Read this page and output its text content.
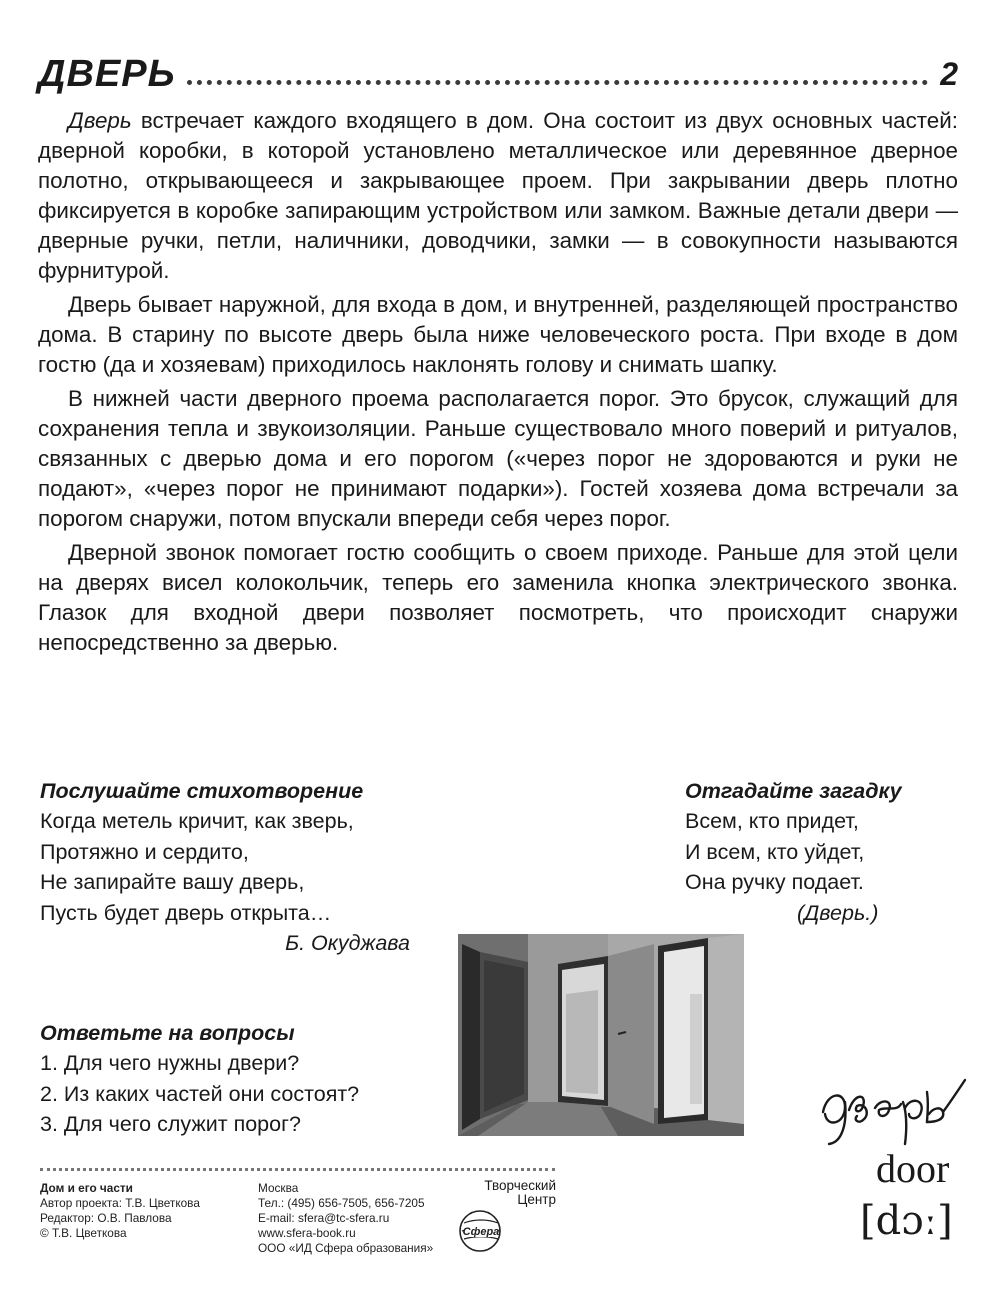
ДВЕРЬ	2

Дверь встречает каждого входящего в дом. Она состоит из двух основных частей: дверной коробки, в которой установлено металлическое или деревянное дверное полотно, открывающееся и закрывающее проем. При закрывании дверь плотно фиксируется в коробке запирающим устройством или замком. Важные детали двери — дверные ручки, петли, наличники, доводчики, замки — в совокупности называются фурнитурой.

Дверь бывает наружной, для входа в дом, и внутренней, разделяющей пространство дома. В старину по высоте дверь была ниже человеческого роста. При входе в дом гостю (да и хозяевам) приходилось наклонять голову и снимать шапку.

В нижней части дверного проема располагается порог. Это брусок, служащий для сохранения тепла и звукоизоляции. Раньше существовало много поверий и ритуалов, связанных с дверью дома и его порогом («через порог не здороваются и руки не подают», «через порог не принимают подарки»). Гостей хозяева дома встречали за порогом снаружи, потом впускали впереди себя через порог.

Дверной звонок помогает гостю сообщить о своем приходе. Раньше для этой цели на дверях висел колокольчик, теперь его заменила кнопка электрического звонка. Глазок для входной двери позволяет посмотреть, что происходит снаружи непосредственно за дверью.

Послушайте стихотворение
Когда метель кричит, как зверь,
Протяжно и сердито,
Не запирайте вашу дверь,
Пусть будет дверь открыта…
Б. Окуджава
Отгадайте загадку
Всем, кто придет,
И всем, кто уйдет,
Она ручку подает.
(Дверь.)
Ответьте на вопросы
1. Для чего нужны двери?
2. Из каких частей они состоят?
3. Для чего служит порог?
door
[dɔː]
Дом и его части
Автор проекта: Т.В. Цветкова
Редактор: О.В. Павлова
© Т.В. Цветкова
Москва
Тел.: (495) 656-7505, 656-7205
E-mail: sfera@tc-sfera.ru
www.sfera-book.ru
ООО «ИД Сфера образования»
Творческий
Центр
Сфера
